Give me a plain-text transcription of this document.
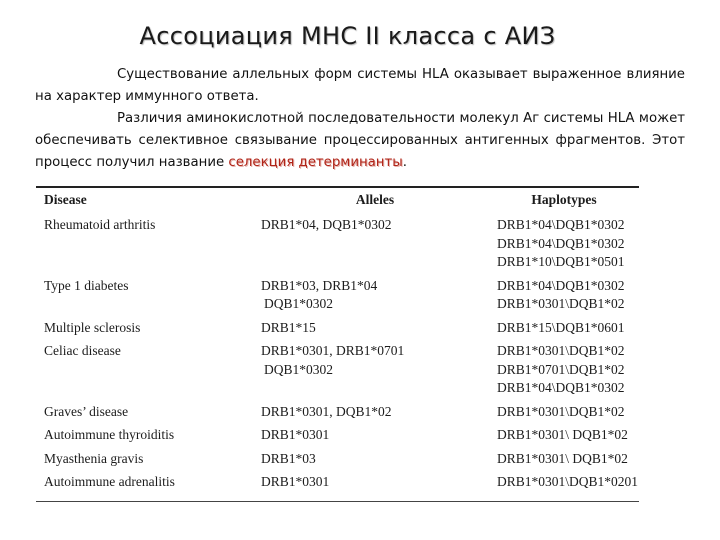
Ассоциация МНС II класса с АИЗ

Существование аллельных форм системы HLA оказывает выраженное влияние на характер иммунного ответа.

Различия аминокислотной последовательности молекул Аг системы HLA может обеспечивать селективное связывание процессированных антигенных фрагментов. Этот процесс получил название селекция детерминанты.

Disease	Alleles	Haplotypes

Rheumatoid arthritis	DRB1*04, DQB1*0302	DRB1*04\DQB1*0302
DRB1*04\DQB1*0302
DRB1*10\DQB1*0501

Type 1 diabetes	DRB1*03, DRB1*04
DQB1*0302	DRB1*04\DQB1*0302
DRB1*0301\DQB1*02

Multiple sclerosis	DRB1*15	DRB1*15\DQB1*0601

Celiac disease	DRB1*0301, DRB1*0701
DQB1*0302	DRB1*0301\DQB1*02
DRB1*0701\DQB1*02
DRB1*04\DQB1*0302

Graves’ disease	DRB1*0301, DQB1*02	DRB1*0301\DQB1*02

Autoimmune thyroiditis	DRB1*0301	DRB1*0301\ DQB1*02

Myasthenia gravis	DRB1*03	DRB1*0301\ DQB1*02

Autoimmune adrenalitis	DRB1*0301	DRB1*0301\DQB1*0201
